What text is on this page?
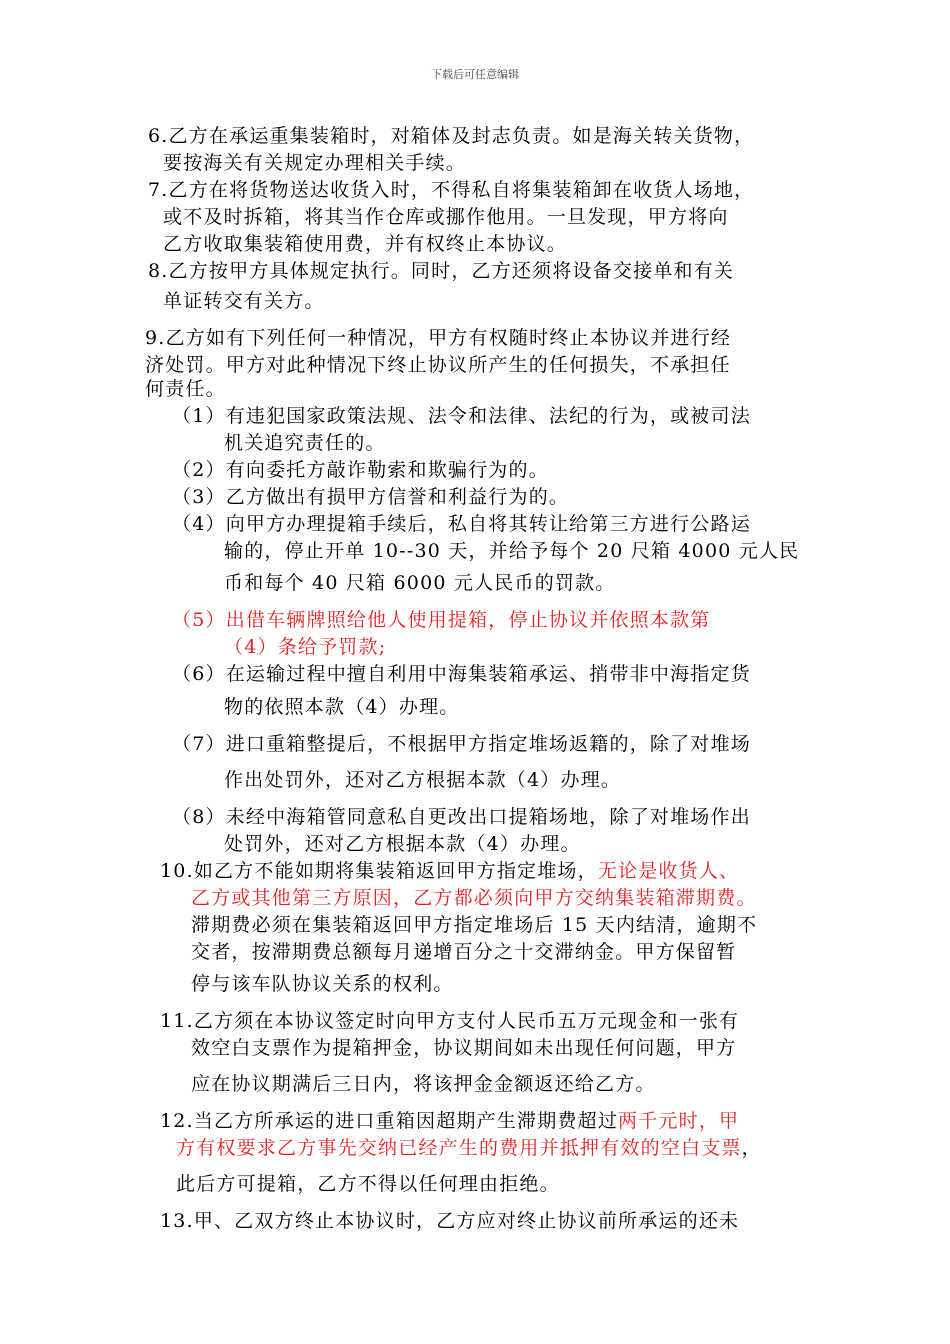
下载后可任意编辑
6.乙方在承运重集装箱时，对箱体及封志负责。如是海关转关货物，
要按海关有关规定办理相关手续。
7.乙方在将货物送达收货入时，不得私自将集装箱卸在收货人场地，
或不及时拆箱，将其当作仓库或挪作他用。一旦发现，甲方将向
乙方收取集装箱使用费，并有权终止本协议。
8.乙方按甲方具体规定执行。同时，乙方还须将设备交接单和有关
单证转交有关方。
9.乙方如有下列任何一种情况，甲方有权随时终止本协议并进行经
济处罚。甲方对此种情况下终止协议所产生的任何损失，不承担任
何责任。
（1）有违犯国家政策法规、法令和法律、法纪的行为，或被司法
机关追究责任的。
（2）有向委托方敲诈勒索和欺骗行为的。
（3）乙方做出有损甲方信誉和利益行为的。
（4）向甲方办理提箱手续后，私自将其转让给第三方进行公路运
输的，停止开单 10--30 天，并给予每个 20 尺箱 4000 元人民
币和每个 40 尺箱 6000 元人民币的罚款。
（5）出借车辆牌照给他人使用提箱，停止协议并依照本款第
（4）条给予罚款;
（6）在运输过程中擅自利用中海集装箱承运、捎带非中海指定货
物的依照本款（4）办理。
（7）进口重箱整提后，不根据甲方指定堆场返籍的，除了对堆场
作出处罚外，还对乙方根据本款（4）办理。
（8）未经中海箱管同意私自更改出口提箱场地，除了对堆场作出
处罚外，还对乙方根据本款（4）办理。
10.如乙方不能如期将集装箱返回甲方指定堆场，无论是收货人、
乙方或其他第三方原因，乙方都必须向甲方交纳集装箱滞期费。
滞期费必须在集装箱返回甲方指定堆场后 15 天内结清，逾期不
交者，按滞期费总额每月递增百分之十交滞纳金。甲方保留暂
停与该车队协议关系的权利。
11.乙方须在本协议签定时向甲方支付人民币五万元现金和一张有
效空白支票作为提箱押金，协议期间如未出现任何问题，甲方
应在协议期满后三日内，将该押金金额返还给乙方。
12.当乙方所承运的进口重箱因超期产生滞期费超过两千元时，甲
方有权要求乙方事先交纳已经产生的费用并抵押有效的空白支票，
此后方可提箱，乙方不得以任何理由拒绝。
13.甲、乙双方终止本协议时，乙方应对终止协议前所承运的还未
